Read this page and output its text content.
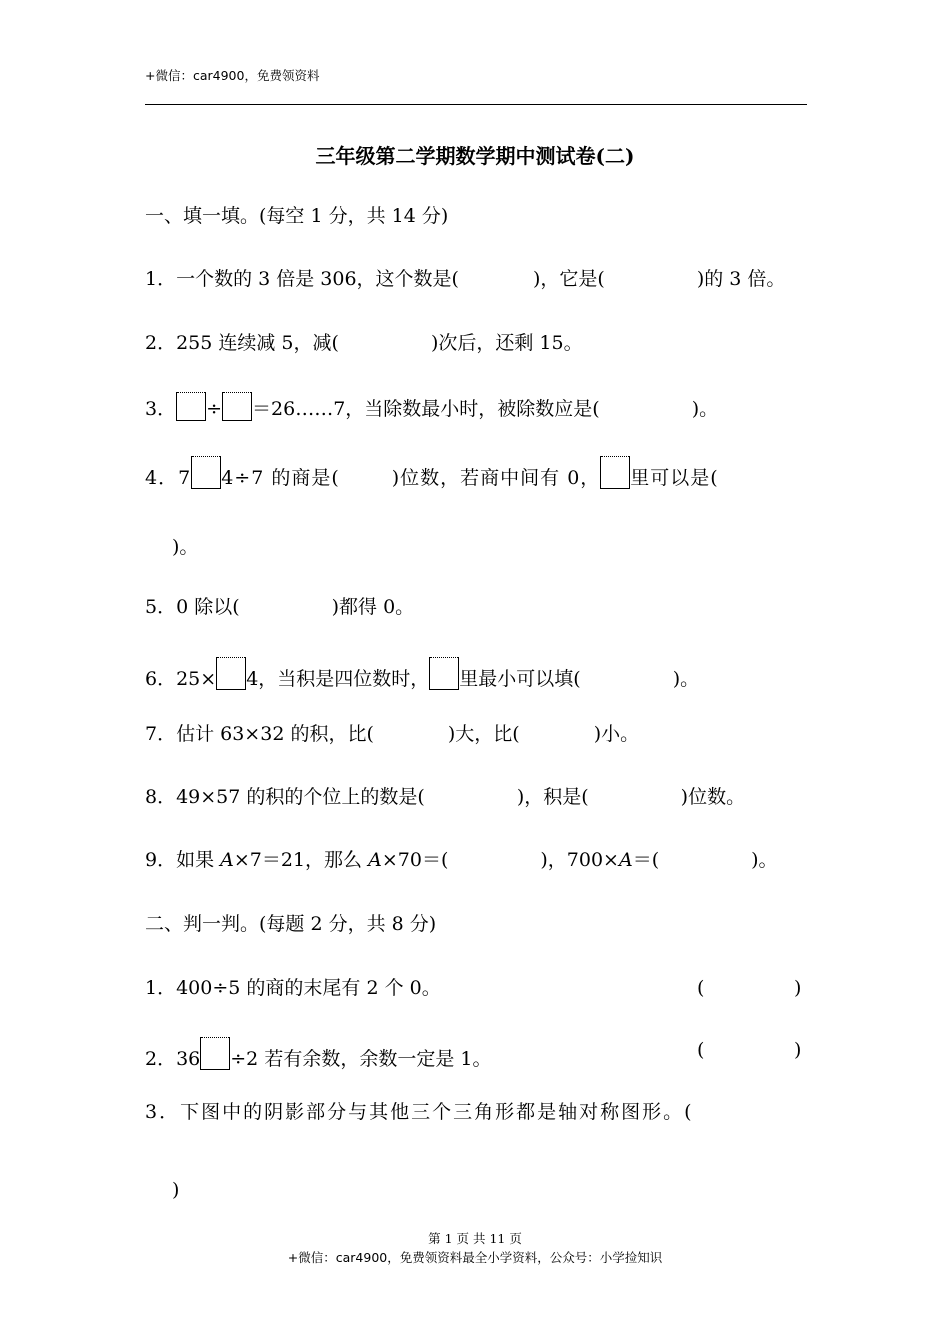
+微信：car4900，免费领资料
三年级第二学期数学期中测试卷(二)
一、填一填。(每空 1 分，共 14 分)
1．一个数的 3 倍是 306，这个数是(	)，它是(	)的 3 倍。
2．255 连续减 5，减(	)次后，还剩 15。
3． ÷ ＝26……7，当除数最小时，被除数应是(	)。
4．7 4÷7 的商是(	)位数，若商中间有 0， 里可以是(
)。
5．0 除以(	)都得 0。
6．25× 4，当积是四位数时， 里最小可以填(	)。
7．估计 63×32 的积，比(	)大，比(	)小。
8．49×57 的积的个位上的数是(	)，积是(	)位数。
9．如果 A×7＝21，那么 A×70＝(	)，700×A＝(	)。
二、判一判。(每题 2 分，共 8 分)
1．400÷5 的商的末尾有 2 个 0。	(	)
2．36 ÷2 若有余数，余数一定是 1。	(	)
3．下图中的阴影部分与其他三个三角形都是轴对称图形。(
)
第 1 页 共 11 页
+微信：car4900，免费领资料最全小学资料，公众号：小学捡知识
